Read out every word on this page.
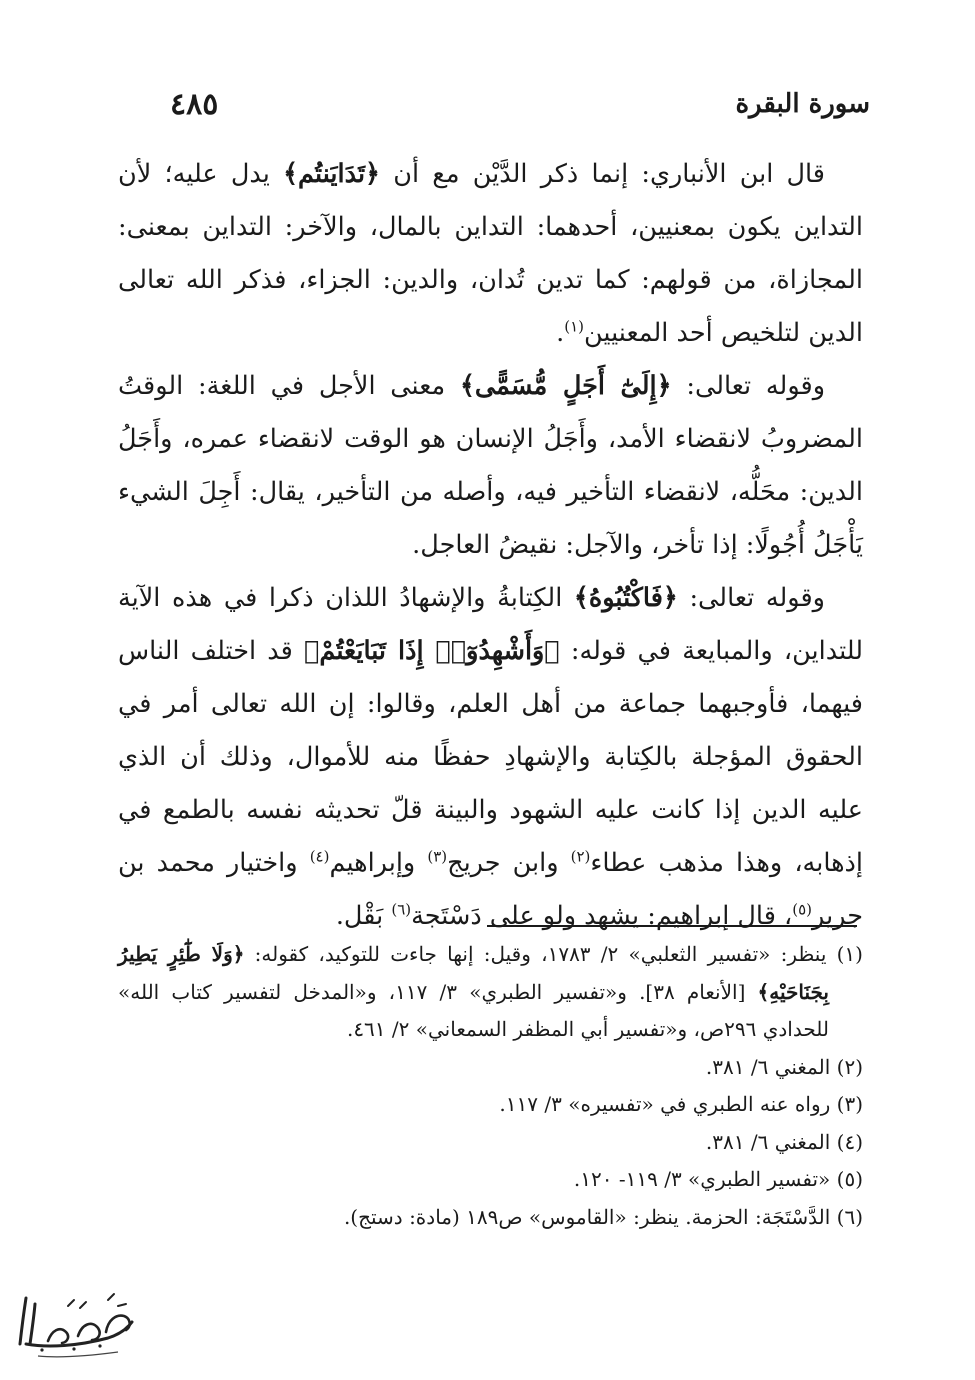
سورة البقرة
٤٨٥

قال ابن الأنباري: إنما ذكر الدَّيْن مع أن ﴿تَدَايَنتُم﴾ يدل عليه؛ لأن التداين يكون بمعنيين، أحدهما: التداين بالمال، والآخر: التداين بمعنى: المجازاة، من قولهم: كما تدين تُدان، والدين: الجزاء، فذكر الله تعالى الدين لتلخيص أحد المعنيين$^{(١)}$.

وقوله تعالى: ﴿إِلَىٰٓ أَجَلٍ مُّسَمًّى﴾ معنى الأجل في اللغة: الوقتُ المضروبُ لانقضاء الأمد، وأَجَلُ الإنسان هو الوقت لانقضاء عمره، وأَجَلُ الدين: محَلُّه، لانقضاء التأخير فيه، وأصله من التأخير، يقال: أَجِلَ الشيء يَأْجَلُ أُجُولًا: إذا تأخر، والآجل: نقيضُ العاجل.

وقوله تعالى: ﴿فَاكْتُبُوهُ﴾ الكِتابةُ والإشهادُ اللذان ذكرا في هذه الآية للتداين، والمبايعة في قوله: ﴿وَأَشْهِدُوٓا۟ إِذَا تَبَايَعْتُمْ﴾ قد اختلف الناس فيهما، فأوجبهما جماعة من أهل العلم، وقالوا: إن الله تعالى أمر في الحقوق المؤجلة بالكِتابة والإشهادِ حفظًا منه للأموال، وذلك أن الذي عليه الدين إذا كانت عليه الشهود والبينة قلّ تحديثه نفسه بالطمع في إذهابه، وهذا مذهب عطاء$^{(٢)}$ وابن جريج$^{(٣)}$ وإبراهيم$^{(٤)}$ واختيار محمد بن جرير$^{(٥)}$، قال إبراهيم: يشهد ولو على دَسْتَجة$^{(٦)}$ بَقْل.

(١) ينظر: «تفسير الثعلبي» ٢/ ١٧٨٣، وقيل: إنها جاءت للتوكيد، كقوله: ﴿وَلَا طَٰٓئِرٍ يَطِيرُ بِجَنَاحَيْهِ﴾ [الأنعام ٣٨]. و«تفسير الطبري» ٣/ ١١٧، و«المدخل لتفسير كتاب الله» للحدادي ٢٩٦ص، و«تفسير أبي المظفر السمعاني» ٢/ ٤٦١.

(٢) المغني ٦/ ٣٨١.

(٣) رواه عنه الطبري في «تفسيره» ٣/ ١١٧.

(٤) المغني ٦/ ٣٨١.

(٥) «تفسير الطبري» ٣/ ١١٩- ١٢٠.

(٦) الدَّسْتَجَة: الحزمة. ينظر: «القاموس» ص١٨٩ (مادة: دستج).
